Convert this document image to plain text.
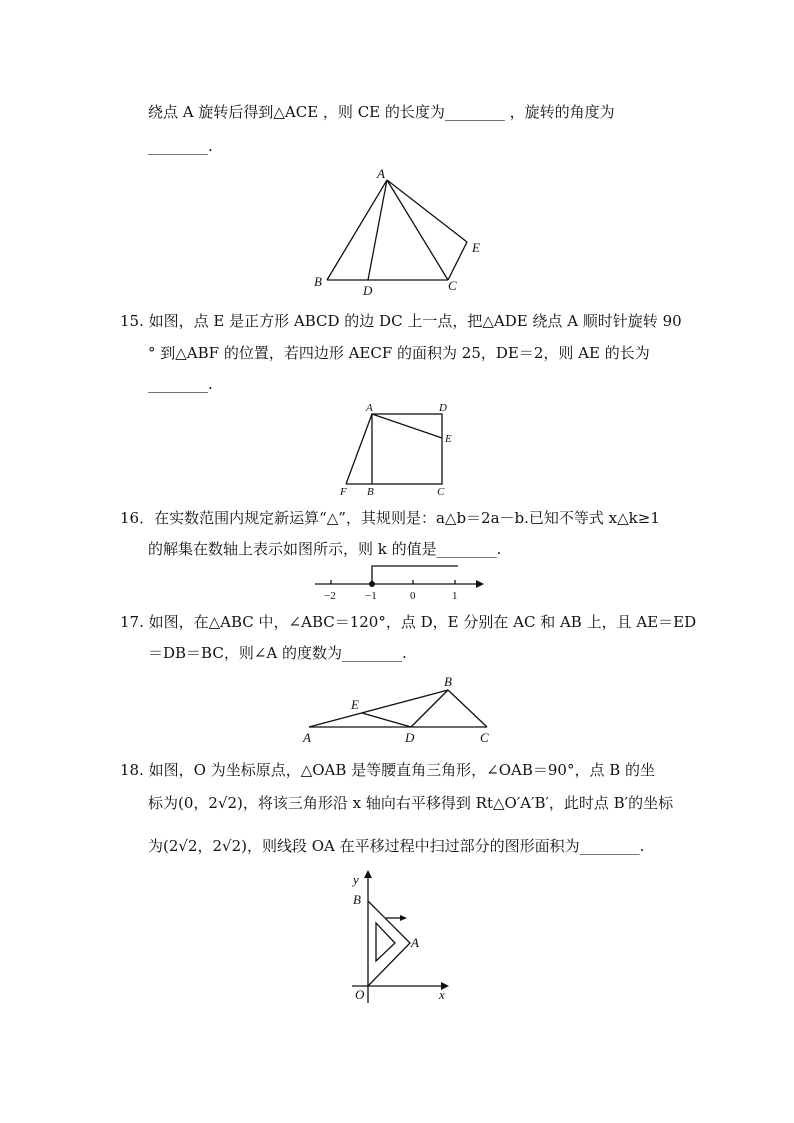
绕点 A 旋转后得到△ACE ，则 CE 的长度为________ ，旋转的角度为
________.
A
B
D	C
E
15. 如图，点 E 是正方形 ABCD 的边 DC 上一点，把△ADE 绕点 A 顺时针旋转 90
° 到△ABF 的位置，若四边形 AECF 的面积为 25，DE＝2，则 AE 的长为
________.
A	D
E
F B	C
16．在实数范围内规定新运算“△”，其规则是：a△b＝2a－b.已知不等式 x△k≥1
的解集在数轴上表示如图所示，则 k 的值是________.
−2	−1	0	1
17. 如图，在△ABC 中，∠ABC＝120°，点 D，E 分别在 AC 和 AB 上，且 AE＝ED
＝DB＝BC，则∠A 的度数为________.
A
E
B
D	C
18. 如图，O 为坐标原点，△OAB 是等腰直角三角形，∠OAB＝90°，点 B 的坐
标为(0，2√2)，将该三角形沿 x 轴向右平移得到 Rt△O′A′B′，此时点 B′的坐标
为(2√2，2√2)，则线段 OA 在平移过程中扫过部分的图形面积为________.
y
B
A
O	x
